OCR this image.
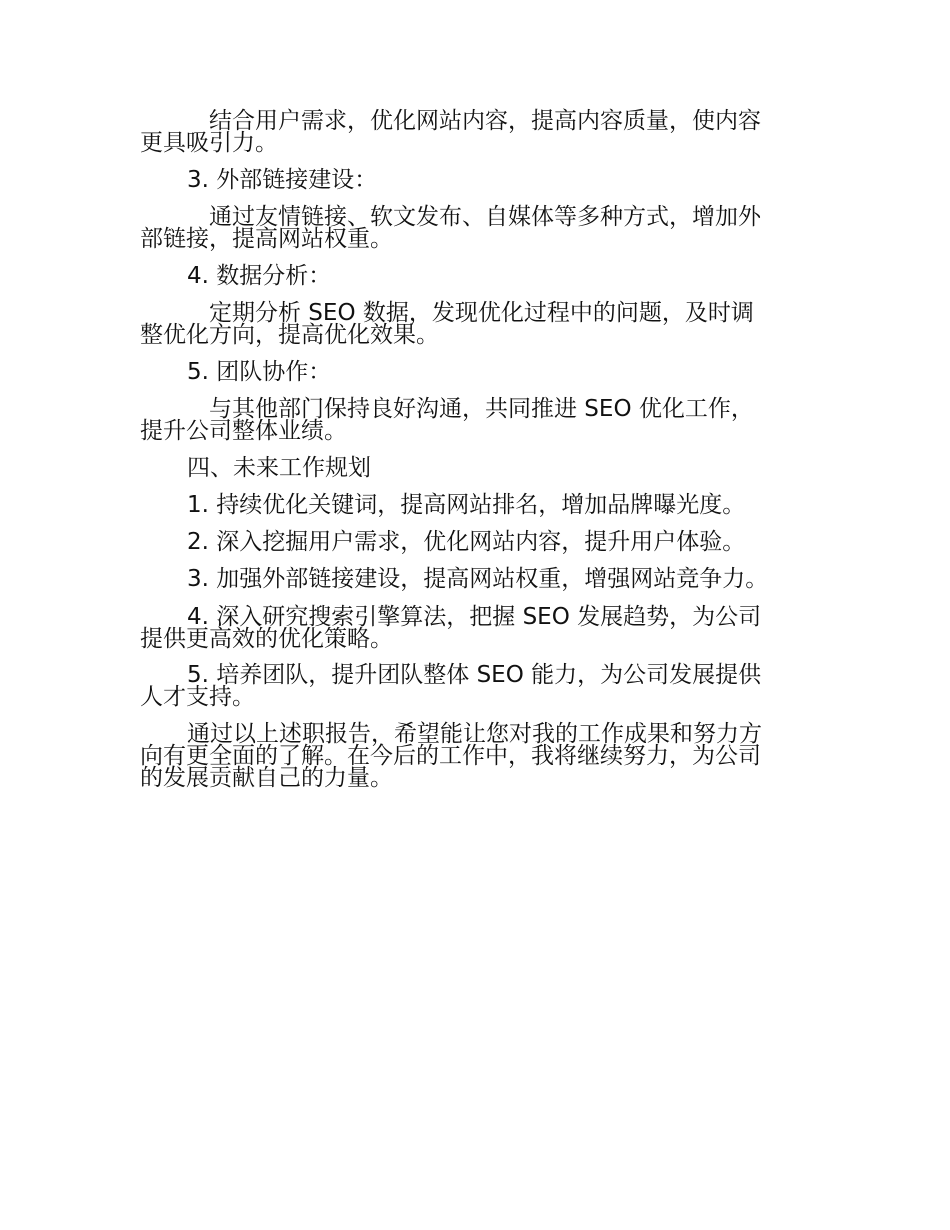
结合用户需求，优化网站内容，提高内容质量，使内容
更具吸引力。
3. 外部链接建设：
通过友情链接、软文发布、自媒体等多种方式，增加外
部链接，提高网站权重。
4. 数据分析：
定期分析 SEO 数据，发现优化过程中的问题，及时调
整优化方向，提高优化效果。
5. 团队协作：
与其他部门保持良好沟通，共同推进 SEO 优化工作，
提升公司整体业绩。
四、未来工作规划
1. 持续优化关键词，提高网站排名，增加品牌曝光度。
2. 深入挖掘用户需求，优化网站内容，提升用户体验。
3. 加强外部链接建设，提高网站权重，增强网站竞争力。
4. 深入研究搜索引擎算法，把握 SEO 发展趋势，为公司
提供更高效的优化策略。
5. 培养团队，提升团队整体 SEO 能力，为公司发展提供
人才支持。
通过以上述职报告，希望能让您对我的工作成果和努力方
向有更全面的了解。在今后的工作中，我将继续努力，为公司
的发展贡献自己的力量。
